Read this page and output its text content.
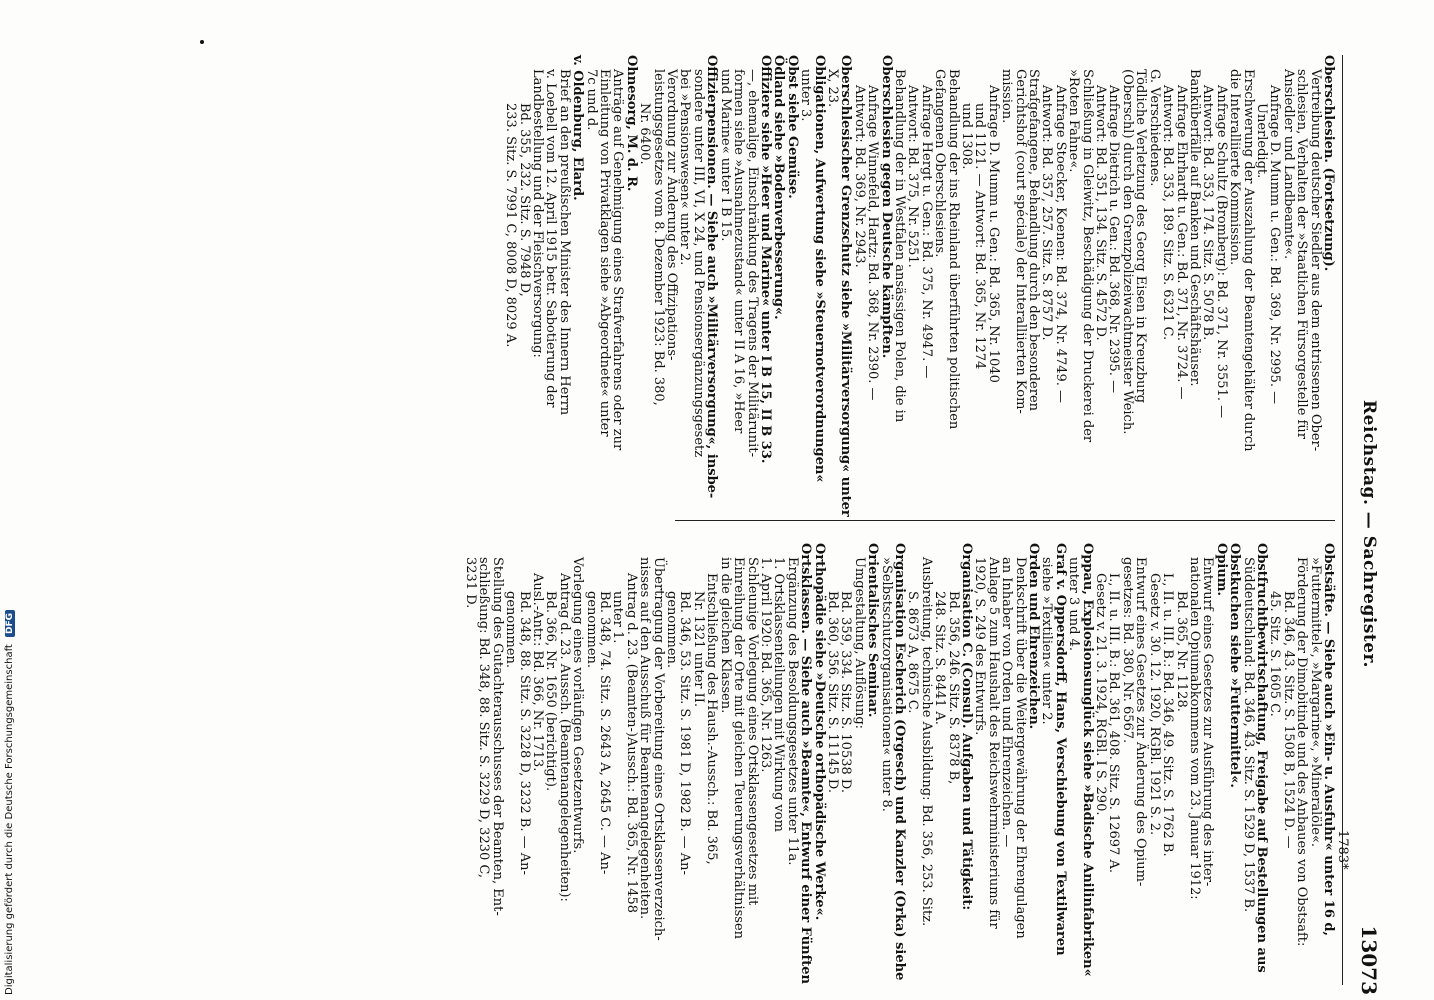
Reichstag. — Sachregister.
13073
Oberschlesien. (Fortsetzung).
Vertreibung deutscher Siedler aus dem entrissenen Ober-
schlesien, Verhalten der »Staatlichen Fürsorgestelle für
Ansiedler und Landbeamte«.
Anfrage D. Mumm u. Gen.: Bd. 369, Nr. 2995. —
Unerledigt.
Erschwerung der Auszahlung der Beamtengehälter durch
die Interalliierte Kommission.
Anfrage Schultz (Bromberg): Bd. 371, Nr. 3551. —
Antwort: Bd. 353, 174. Sitz. S. 5078 B.
Banküberfälle auf Banken und Geschäftshäuser.
Anfrage Ehrhardt u. Gen.: Bd. 371, Nr. 3724. —
Antwort: Bd. 353, 189. Sitz. S. 6321 C.
G. Verschiedenes.
Tödliche Verletzung des Georg Eisen in Kreuzburg
(Oberschl) durch den Grenzpolizeiwachtmeister Weich.
Anfrage Dietrich u. Gen.: Bd. 368, Nr. 2395. —
Antwort: Bd. 351, 134. Sitz. S. 4572 D.
Schließung in Gleiwitz, Beschädigung der Druckerei der
»Roten Fahne«.
Anfrage Stoecker, Koenen: Bd. 374, Nr. 4749. —
Antwort: Bd. 357, 257. Sitz. S. 8757 D.
Strafgefangene, Behandlung durch den besonderen
Gerichtshof (court spéciale) der Interalliierten Kom-
mission.
Anfrage D. Mumm u. Gen.: Bd. 365, Nr. 1040
und 1121. — Antwort: Bd. 365, Nr. 1274
und 1308.
Behandlung der ins Rheinland überführten politischen
Gefangenen Oberschlesiens.
Anfrage Hergt u. Gen.: Bd. 375, Nr. 4947. —
Antwort: Bd. 375, Nr. 5251.
Behandlung der in Westfalen ansässigen Polen, die in
Oberschlesien gegen Deutsche kämpften.
Anfrage Winnefeld, Hartz: Bd. 368, Nr. 2390. —
Antwort: Bd. 369, Nr. 2943.
Oberschlesischer Grenzschutz siehe »Militärversorgung« unter
X, 23.
Obligationen, Aufwertung siehe »Steuernotverordnungen«
unter 3.
Obst siehe Gemüse.
Ödland siehe »Bodenverbesserung«.
Offiziere siehe »Heer und Marine« unter I B 15, II B 33.
—, ehemalige, Einschränkung des Tragens der Militärunit-
formen siehe »Ausnahmezustand« unter II A 16, »Heer
und Marine« unter I B 15.
Offizierpensionen. — Siehe auch »Militärversorgung«, insbe-
sondere unter III, VI, X 24, und Pensionsergänzungsgesetz
bei »Pensionswesen« unter 2.
Verordnung zur Änderung des Offizipations-
leistungsgesetzes vom 8. Dezember 1923: Bd. 380,
Nr. 6400.
Ohnesorg, M. d. R.
Anträge auf Genehmigung eines Strafverfahrens oder zur
Einleitung von Privatklagen siehe »Abgeordnete« unter
7c und d.
v. Oldenburg, Elard.
Brief an den preußischen Minister des Innern Herrn
v. Loebell vom 12. April 1915 betr. Sabotierung der
Landbestellung und der Fleischversorgung:
Bd. 355, 232. Sitz. S. 7948 D,
233. Sitz. S. 7991 C, 8008 D, 8029 A.
Obstsäfte. — Siehe auch »Ein- u. Ausfuhr« unter 16 d,
»Futtermittel«, »Margarine«, »Mineralöle«.
Förderung der Dimobitinde und des Anbaues von Obstsaft:
Bd. 346, 43. Sitz. S. 1508 B, 1524 D. —
45. Sitz. S. 1605 C.
Obstfruchtbewirtschaftung, Freigabe auf Bestellungen aus
Süddeutschland: Bd. 346, 43. Sitz. S. 1529 D, 1537 B.
Obstkuchen siehe »Futtermittel«.
Opium.
Entwurf eines Gesetzes zur Ausführung des inter-
nationalen Opiumabkommens vom 23. Januar 1912:
Bd. 365, Nr. 1128.
I., II. u. III. B.: Bd. 346, 49. Sitz. S. 1762 B.
Gesetz v. 30. 12. 1920, RGBl. 1921 S. 2.
Entwurf eines Gesetzes zur Änderung des Opium-
gesetzes: Bd. 380, Nr. 6567.
I., II. u. III. B.: Bd. 361, 408. Sitz. S. 12697 A.
Gesetz v. 21. 3. 1924, RGBl. I S. 290.
Oppau, Explosionsunglück siehe »Badische Anilinfabriken«
unter 3 und 4.
Graf v. Oppersdorff, Hans, Verschiebung von Textilwaren
siehe »Textilien« unter 2.
Orden und Ehrenzeichen.
Denkschrift über die Weitergewährung der Ehrengulagen
an Inhaber von Orden und Ehrenzeichen. —
Anlage 5 zum Haushalt des Reichswehrministeriums für
1920, S. 249 des Entwurfs.
Organisation C. (Consul). Aufgaben und Tätigkeit:
Bd. 356, 246. Sitz. S. 8378 B,
248. Sitz. S. 8441 A.
Ausbreitung, technische Ausbildung: Bd. 356, 253. Sitz.
S. 8673 A, 8675 C.
Organisation Escherich (Orgesch) und Kanzler (Orka) siehe
»Selbstschutzorganisationen« unter 8.
Orientalisches Seminar.
Umgestaltung, Auflösung:
Bd. 359, 334. Sitz. S. 10538 D.
Bd. 360, 356. Sitz. S. 11145 D.
Orthopädie siehe »Deutsche orthopädische Werke«.
Ortsklassen. — Siehe auch »Beamte«, Entwurf einer Fünften
Ergänzung des Besoldungsgesetzes unter 11a.
1. Ortsklassenteilungen mit Wirkung vom
1. April 1920: Bd. 365, Nr. 1263.
Schleunige Vorlegung eines Ortsklassengesetzes mit
Einreihung der Orte mit gleichen Teuerungsverhältnissen
in die gleichen Klassen.
Entschließung des Haush.-Aussch.: Bd. 365,
Nr. 1321 unter II.
Bd. 346, 53. Sitz. S. 1981 D, 1982 B. — An-
genommen.
Übertragung der Vorbereitung eines Ortsklassenverzeich-
nisses auf den Ausschuß für Beamtenangelegenheiten.
Antrag d. 23. (Beamten-)Aussch.: Bd. 365, Nr. 1458
unter 1.
Bd. 348, 74. Sitz. S. 2643 A, 2645 C. — An-
genommen.
Vorlegung eines vorläufigen Gesetzentwurfs.
Antrag d. 23. Aussch. (Beamtenangelegenheiten):
Bd. 366, Nr. 1650 (berichtigt).
Ausl.-Antr.: Bd. 366, Nr. 1713.
Bd. 348, 88. Sitz. S. 3228 D, 3232 B. — An-
genommen.
Stellung des Gutachterausschusses der Beamten, Ent-
schließung: Bd. 348, 88. Sitz. S. 3229 D, 3230 C,
3231 D.
1783*
Digitalisierung gefördert durch die Deutsche Forschungsgemeinschaft DFG
